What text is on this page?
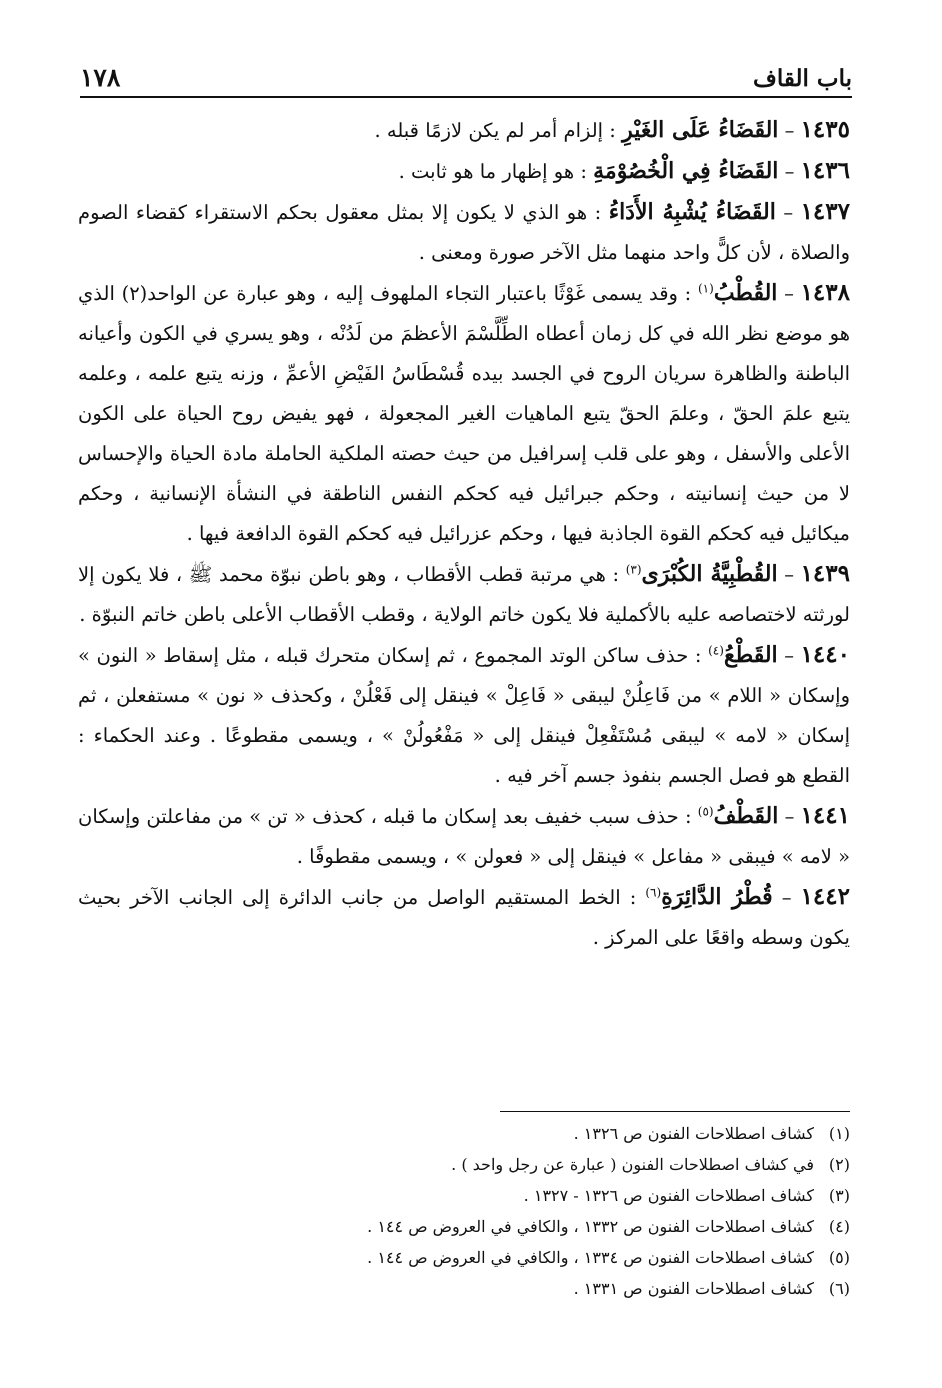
باب القاف
١٧٨

١٤٣٥ – القَضَاءُ عَلَى الغَيْرِ : إلزام أمر لم يكن لازمًا قبله .

١٤٣٦ – القَضَاءُ فِي الْخُصُوْمَةِ : هو إظهار ما هو ثابت .

١٤٣٧ – القَضَاءُ يُشْبِهُ الأَدَاءُ : هو الذي لا يكون إلا بمثل معقول بحكم الاستقراء كقضاء الصوم والصلاة ، لأن كلًّ واحد منهما مثل الآخر صورة ومعنى .

١٤٣٨ – القُطْبُ$^{(١)}$ : وقد يسمى غَوْثًا باعتبار التجاء الملهوف إليه ، وهو عبارة عن الواحد(٢) الذي هو موضع نظر الله في كل زمان أعطاه الطِّلَّسْمَ الأعظمَ من لَدُنْه ، وهو يسري في الكون وأعيانه الباطنة والظاهرة سريان الروح في الجسد بيده قُسْطَاسُ الفَيْضِ الأعمِّ ، وزنه يتبع علمه ، وعلمه يتبع علمَ الحقّ ، وعلمَ الحقّ يتبع الماهيات الغير المجعولة ، فهو يفيض روح الحياة على الكون الأعلى والأسفل ، وهو على قلب إسرافيل من حيث حصته الملكية الحاملة مادة الحياة والإحساس لا من حيث إنسانيته ، وحكم جبرائيل فيه كحكم النفس الناطقة في النشأة الإنسانية ، وحكم ميكائيل فيه كحكم القوة الجاذبة فيها ، وحكم عزرائيل فيه كحكم القوة الدافعة فيها .

١٤٣٩ – القُطْبِيَّةُ الكُبْرَى$^{(٣)}$ : هي مرتبة قطب الأقطاب ، وهو باطن نبوّة محمد ﷺ ، فلا يكون إلا لورثته لاختصاصه عليه بالأكملية فلا يكون خاتم الولاية ، وقطب الأقطاب الأعلى باطن خاتم النبوّة .

١٤٤٠ – القَطْعُ$^{(٤)}$ : حذف ساكن الوتد المجموع ، ثم إسكان متحرك قبله ، مثل إسقاط « النون » وإسكان « اللام » من فَاعِلُنْ ليبقى « فَاعِلْ » فينقل إلى فَعْلُنْ ، وكحذف « نون » مستفعلن ، ثم إسكان « لامه » ليبقى مُسْتَفْعِلْ فينقل إلى « مَفْعُولُنْ » ، ويسمى مقطوعًا . وعند الحكماء : القطع هو فصل الجسم بنفوذ جسم آخر فيه .

١٤٤١ – القَطْفُ$^{(٥)}$ : حذف سبب خفيف بعد إسكان ما قبله ، كحذف « تن » من مفاعلتن وإسكان « لامه » فيبقى « مفاعل » فينقل إلى « فعولن » ، ويسمى مقطوفًا .

١٤٤٢ – قُطْرُ الدَّائِرَةِ$^{(٦)}$ : الخط المستقيم الواصل من جانب الدائرة إلى الجانب الآخر بحيث يكون وسطه واقعًا على المركز .

(١)كشاف اصطلاحات الفنون ص ١٣٢٦ .

(٢)في كشاف اصطلاحات الفنون ( عبارة عن رجل واحد ) .

(٣)كشاف اصطلاحات الفنون ص ١٣٢٦ - ١٣٢٧ .

(٤)كشاف اصطلاحات الفنون ص ١٣٣٢ ، والكافي في العروض ص ١٤٤ .

(٥)كشاف اصطلاحات الفنون ص ١٣٣٤ ، والكافي في العروض ص ١٤٤ .

(٦)كشاف اصطلاحات الفنون ص ١٣٣١ .
